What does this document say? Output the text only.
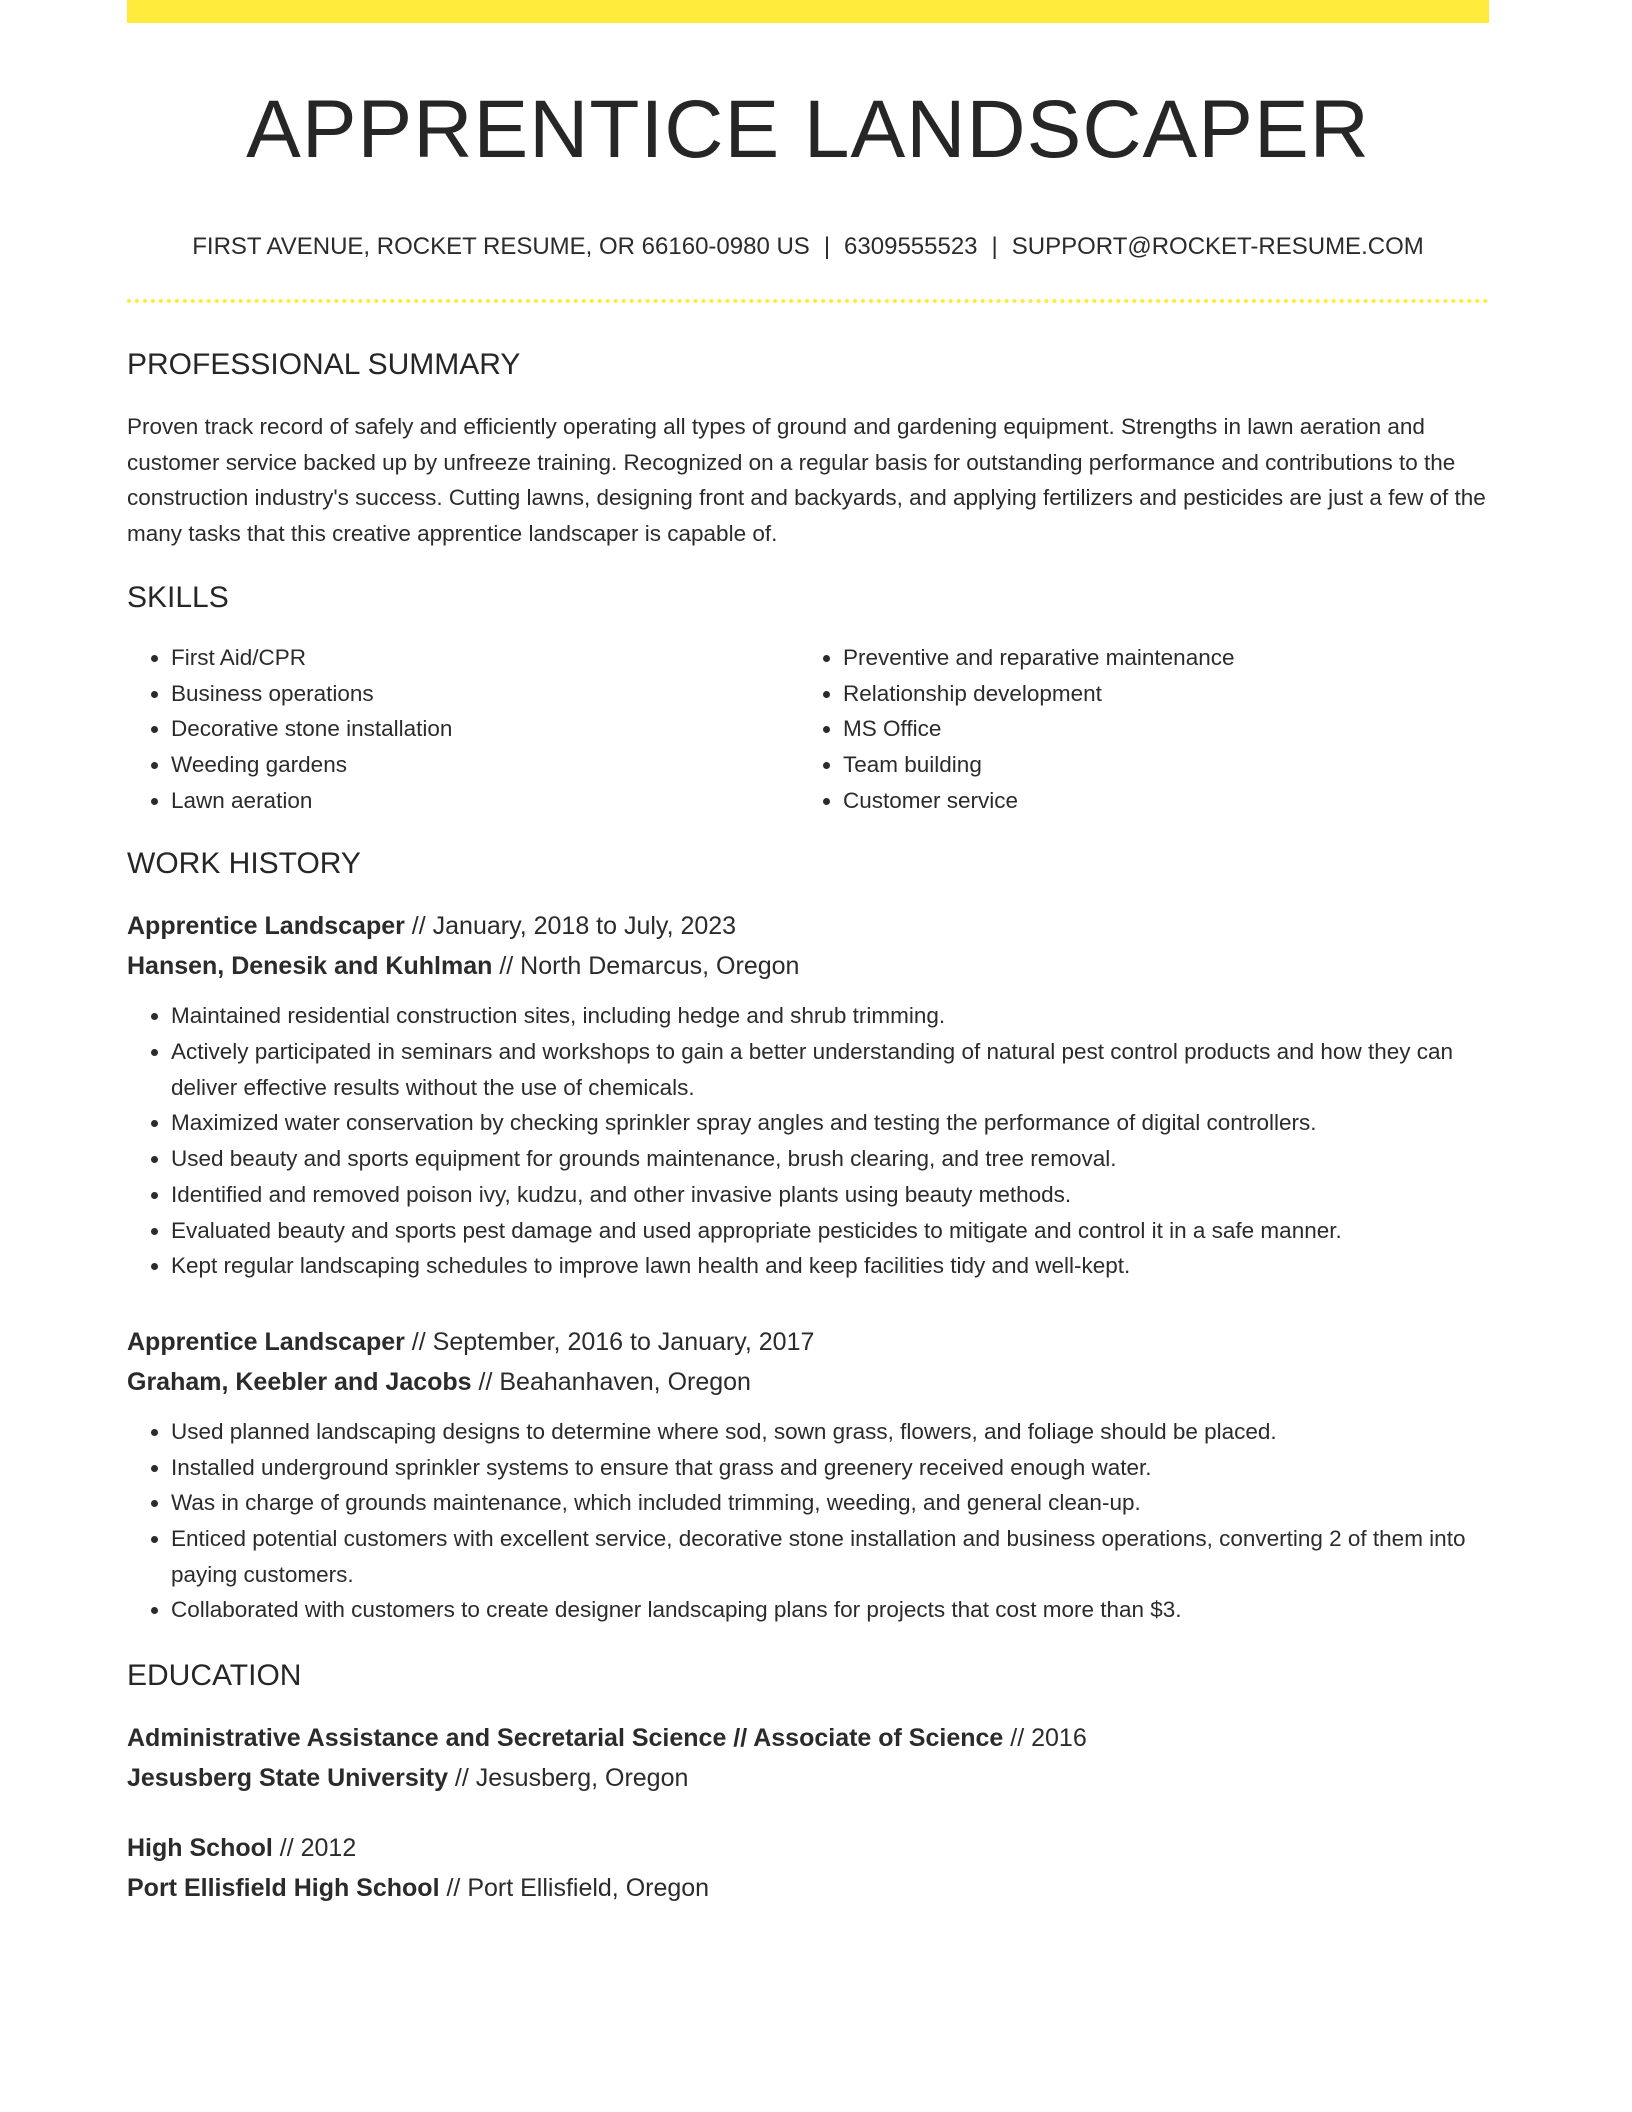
APPRENTICE LANDSCAPER
FIRST AVENUE, ROCKET RESUME, OR 66160-0980 US | 6309555523 | SUPPORT@ROCKET-RESUME.COM
PROFESSIONAL SUMMARY

Proven track record of safely and efficiently operating all types of ground and gardening equipment. Strengths in lawn aeration and customer service backed up by unfreeze training. Recognized on a regular basis for outstanding performance and contributions to the construction industry's success. Cutting lawns, designing front and backyards, and applying fertilizers and pesticides are just a few of the many tasks that this creative apprentice landscaper is capable of.

SKILLS
• First Aid/CPR
• Business operations
• Decorative stone installation
• Weeding gardens
• Lawn aeration
• Preventive and reparative maintenance
• Relationship development
• MS Office
• Team building
• Customer service
WORK HISTORY
Apprentice Landscaper // January, 2018 to July, 2023
Hansen, Denesik and Kuhlman // North Demarcus, Oregon
• Maintained residential construction sites, including hedge and shrub trimming.
• Actively participated in seminars and workshops to gain a better understanding of natural pest control products and how they can deliver effective results without the use of chemicals.
• Maximized water conservation by checking sprinkler spray angles and testing the performance of digital controllers.
• Used beauty and sports equipment for grounds maintenance, brush clearing, and tree removal.
• Identified and removed poison ivy, kudzu, and other invasive plants using beauty methods.
• Evaluated beauty and sports pest damage and used appropriate pesticides to mitigate and control it in a safe manner.
• Kept regular landscaping schedules to improve lawn health and keep facilities tidy and well-kept.
Apprentice Landscaper // September, 2016 to January, 2017
Graham, Keebler and Jacobs // Beahanhaven, Oregon
• Used planned landscaping designs to determine where sod, sown grass, flowers, and foliage should be placed.
• Installed underground sprinkler systems to ensure that grass and greenery received enough water.
• Was in charge of grounds maintenance, which included trimming, weeding, and general clean-up.
• Enticed potential customers with excellent service, decorative stone installation and business operations, converting 2 of them into paying customers.
• Collaborated with customers to create designer landscaping plans for projects that cost more than $3.
EDUCATION
Administrative Assistance and Secretarial Science // Associate of Science // 2016
Jesusberg State University // Jesusberg, Oregon
High School // 2012
Port Ellisfield High School // Port Ellisfield, Oregon
